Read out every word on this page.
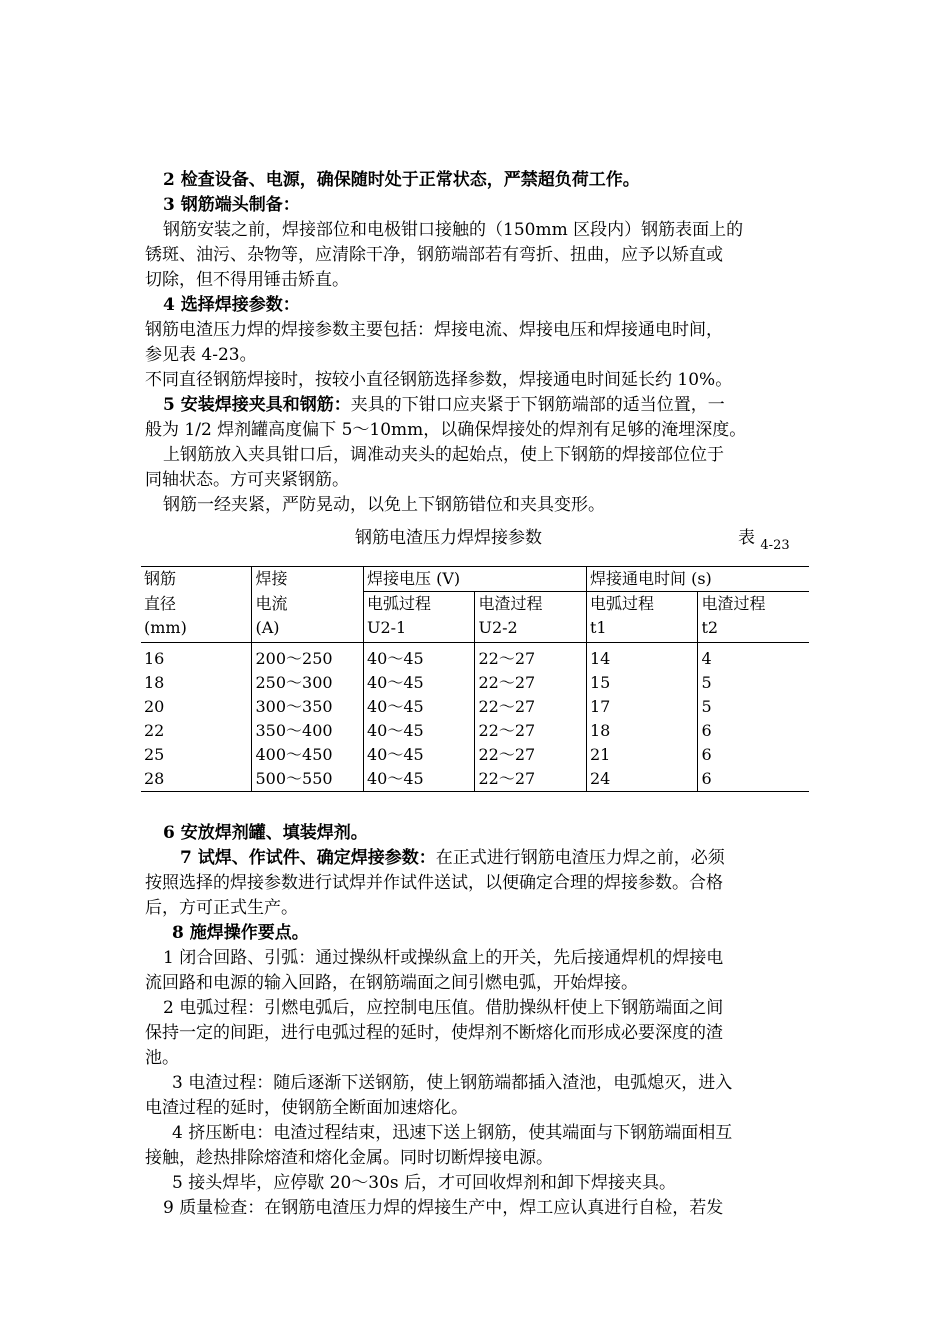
2 检查设备、电源，确保随时处于正常状态，严禁超负荷工作。
3 钢筋端头制备：
钢筋安装之前，焊接部位和电极钳口接触的（150mm 区段内）钢筋表面上的
锈斑、油污、杂物等，应清除干净，钢筋端部若有弯折、扭曲，应予以矫直或
切除，但不得用锤击矫直。
4 选择焊接参数：
钢筋电渣压力焊的焊接参数主要包括：焊接电流、焊接电压和焊接通电时间，
参见表 4-23。
不同直径钢筋焊接时，按较小直径钢筋选择参数，焊接通电时间延长约 10%。
5 安装焊接夹具和钢筋：夹具的下钳口应夹紧于下钢筋端部的适当位置，一
般为 1/2 焊剂罐高度偏下 5～10mm，以确保焊接处的焊剂有足够的淹埋深度。
上钢筋放入夹具钳口后，调准动夹头的起始点，使上下钢筋的焊接部位位于
同轴状态。方可夹紧钢筋。
钢筋一经夹紧，严防晃动，以免上下钢筋错位和夹具变形。
钢筋电渣压力焊焊接参数	表 $_{4-23}$
钢筋	焊接	焊接电压 (V)		焊接通电时间 (s)	
直径	电流	电弧过程	电渣过程	电弧过程	电渣过程
(mm)	(A)	U2-1	U2-2	t1	t2

16	200～250	40～45	22～27	14	4
18	250～300	40～45	22～27	15	5
20	300～350	40～45	22～27	17	5
22	350～400	40～45	22～27	18	6
25	400～450	40～45	22～27	21	6
28	500～550	40～45	22～27	24	6
6 安放焊剂罐、填装焊剂。
7 试焊、作试件、确定焊接参数：在正式进行钢筋电渣压力焊之前，必须
按照选择的焊接参数进行试焊并作试件送试，以便确定合理的焊接参数。合格
后，方可正式生产。
8 施焊操作要点。
1 闭合回路、引弧：通过操纵杆或操纵盒上的开关，先后接通焊机的焊接电
流回路和电源的输入回路，在钢筋端面之间引燃电弧，开始焊接。
2 电弧过程：引燃电弧后，应控制电压值。借肋操纵杆使上下钢筋端面之间
保持一定的间距，进行电弧过程的延时，使焊剂不断熔化而形成必要深度的渣
池。
3 电渣过程：随后逐渐下送钢筋，使上钢筋端都插入渣池，电弧熄灭，进入
电渣过程的延时，使钢筋全断面加速熔化。
4 挤压断电：电渣过程结束，迅速下送上钢筋，使其端面与下钢筋端面相互
接触，趁热排除熔渣和熔化金属。同时切断焊接电源。
5 接头焊毕，应停歇 20～30s 后，才可回收焊剂和卸下焊接夹具。
9 质量检查：在钢筋电渣压力焊的焊接生产中，焊工应认真进行自检，若发
